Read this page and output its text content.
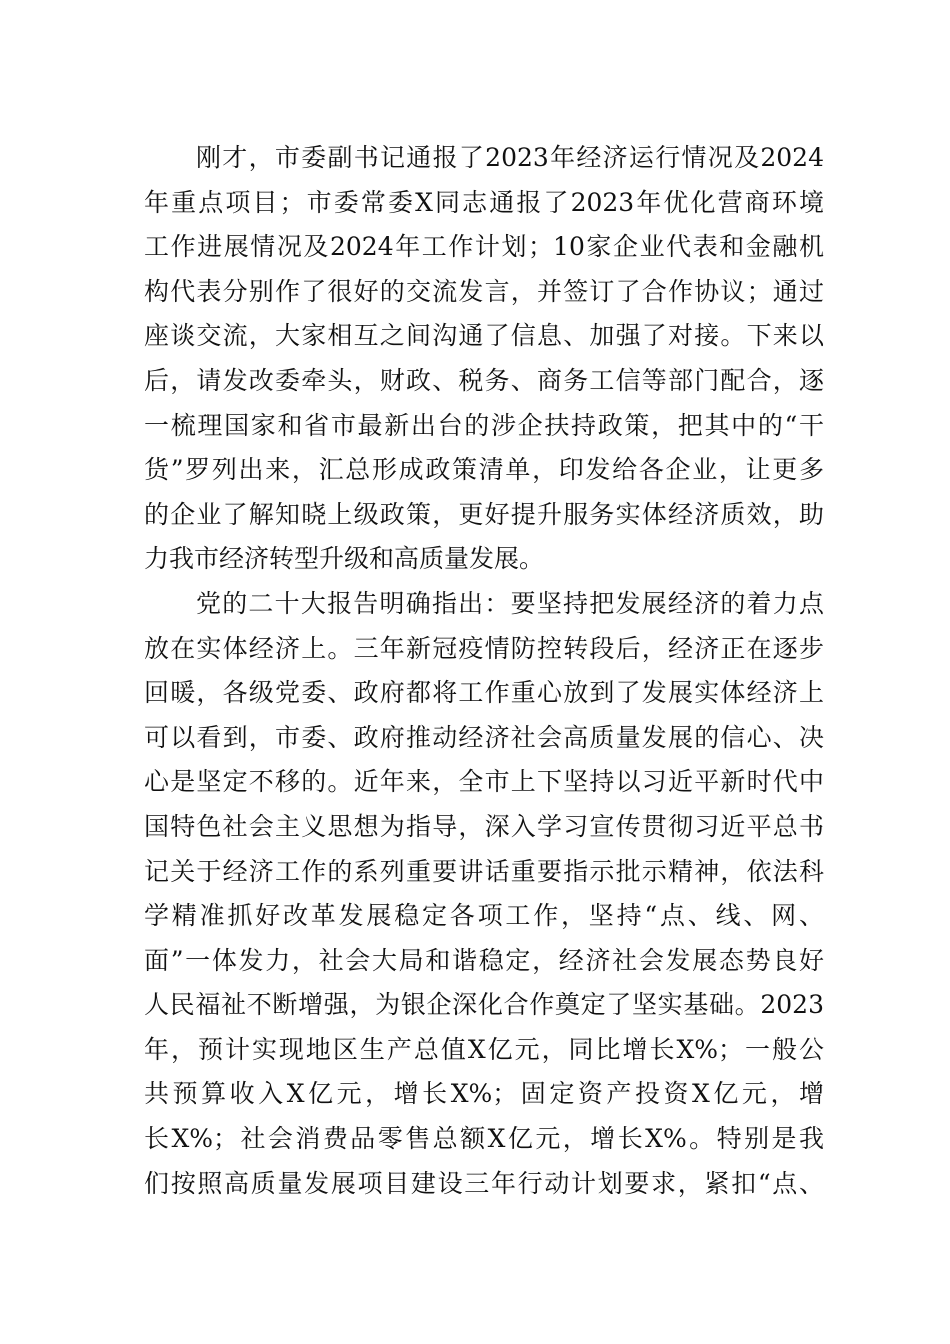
刚才，市委副书记通报了2023年经济运行情况及2024
年重点项目；市委常委X同志通报了2023年优化营商环境
工作进展情况及2024年工作计划；10家企业代表和金融机
构代表分别作了很好的交流发言，并签订了合作协议；通过
座谈交流，大家相互之间沟通了信息、加强了对接。下来以
后，请发改委牵头，财政、税务、商务工信等部门配合，逐
一梳理国家和省市最新出台的涉企扶持政策，把其中的“干
货”罗列出来，汇总形成政策清单，印发给各企业，让更多
的企业了解知晓上级政策，更好提升服务实体经济质效，助
力我市经济转型升级和高质量发展。
党的二十大报告明确指出：要坚持把发展经济的着力点
放在实体经济上。三年新冠疫情防控转段后，经济正在逐步
回暖，各级党委、政府都将工作重心放到了发展实体经济上
可以看到，市委、政府推动经济社会高质量发展的信心、决
心是坚定不移的。近年来，全市上下坚持以习近平新时代中
国特色社会主义思想为指导，深入学习宣传贯彻习近平总书
记关于经济工作的系列重要讲话重要指示批示精神，依法科
学精准抓好改革发展稳定各项工作，坚持“点、线、网、
面”一体发力，社会大局和谐稳定，经济社会发展态势良好
人民福祉不断增强，为银企深化合作奠定了坚实基础。2023
年，预计实现地区生产总值X亿元，同比增长X%；一般公
共预算收入X亿元，增长X%；固定资产投资X亿元，增
长X%；社会消费品零售总额X亿元，增长X%。特别是我
们按照高质量发展项目建设三年行动计划要求，紧扣“点、
